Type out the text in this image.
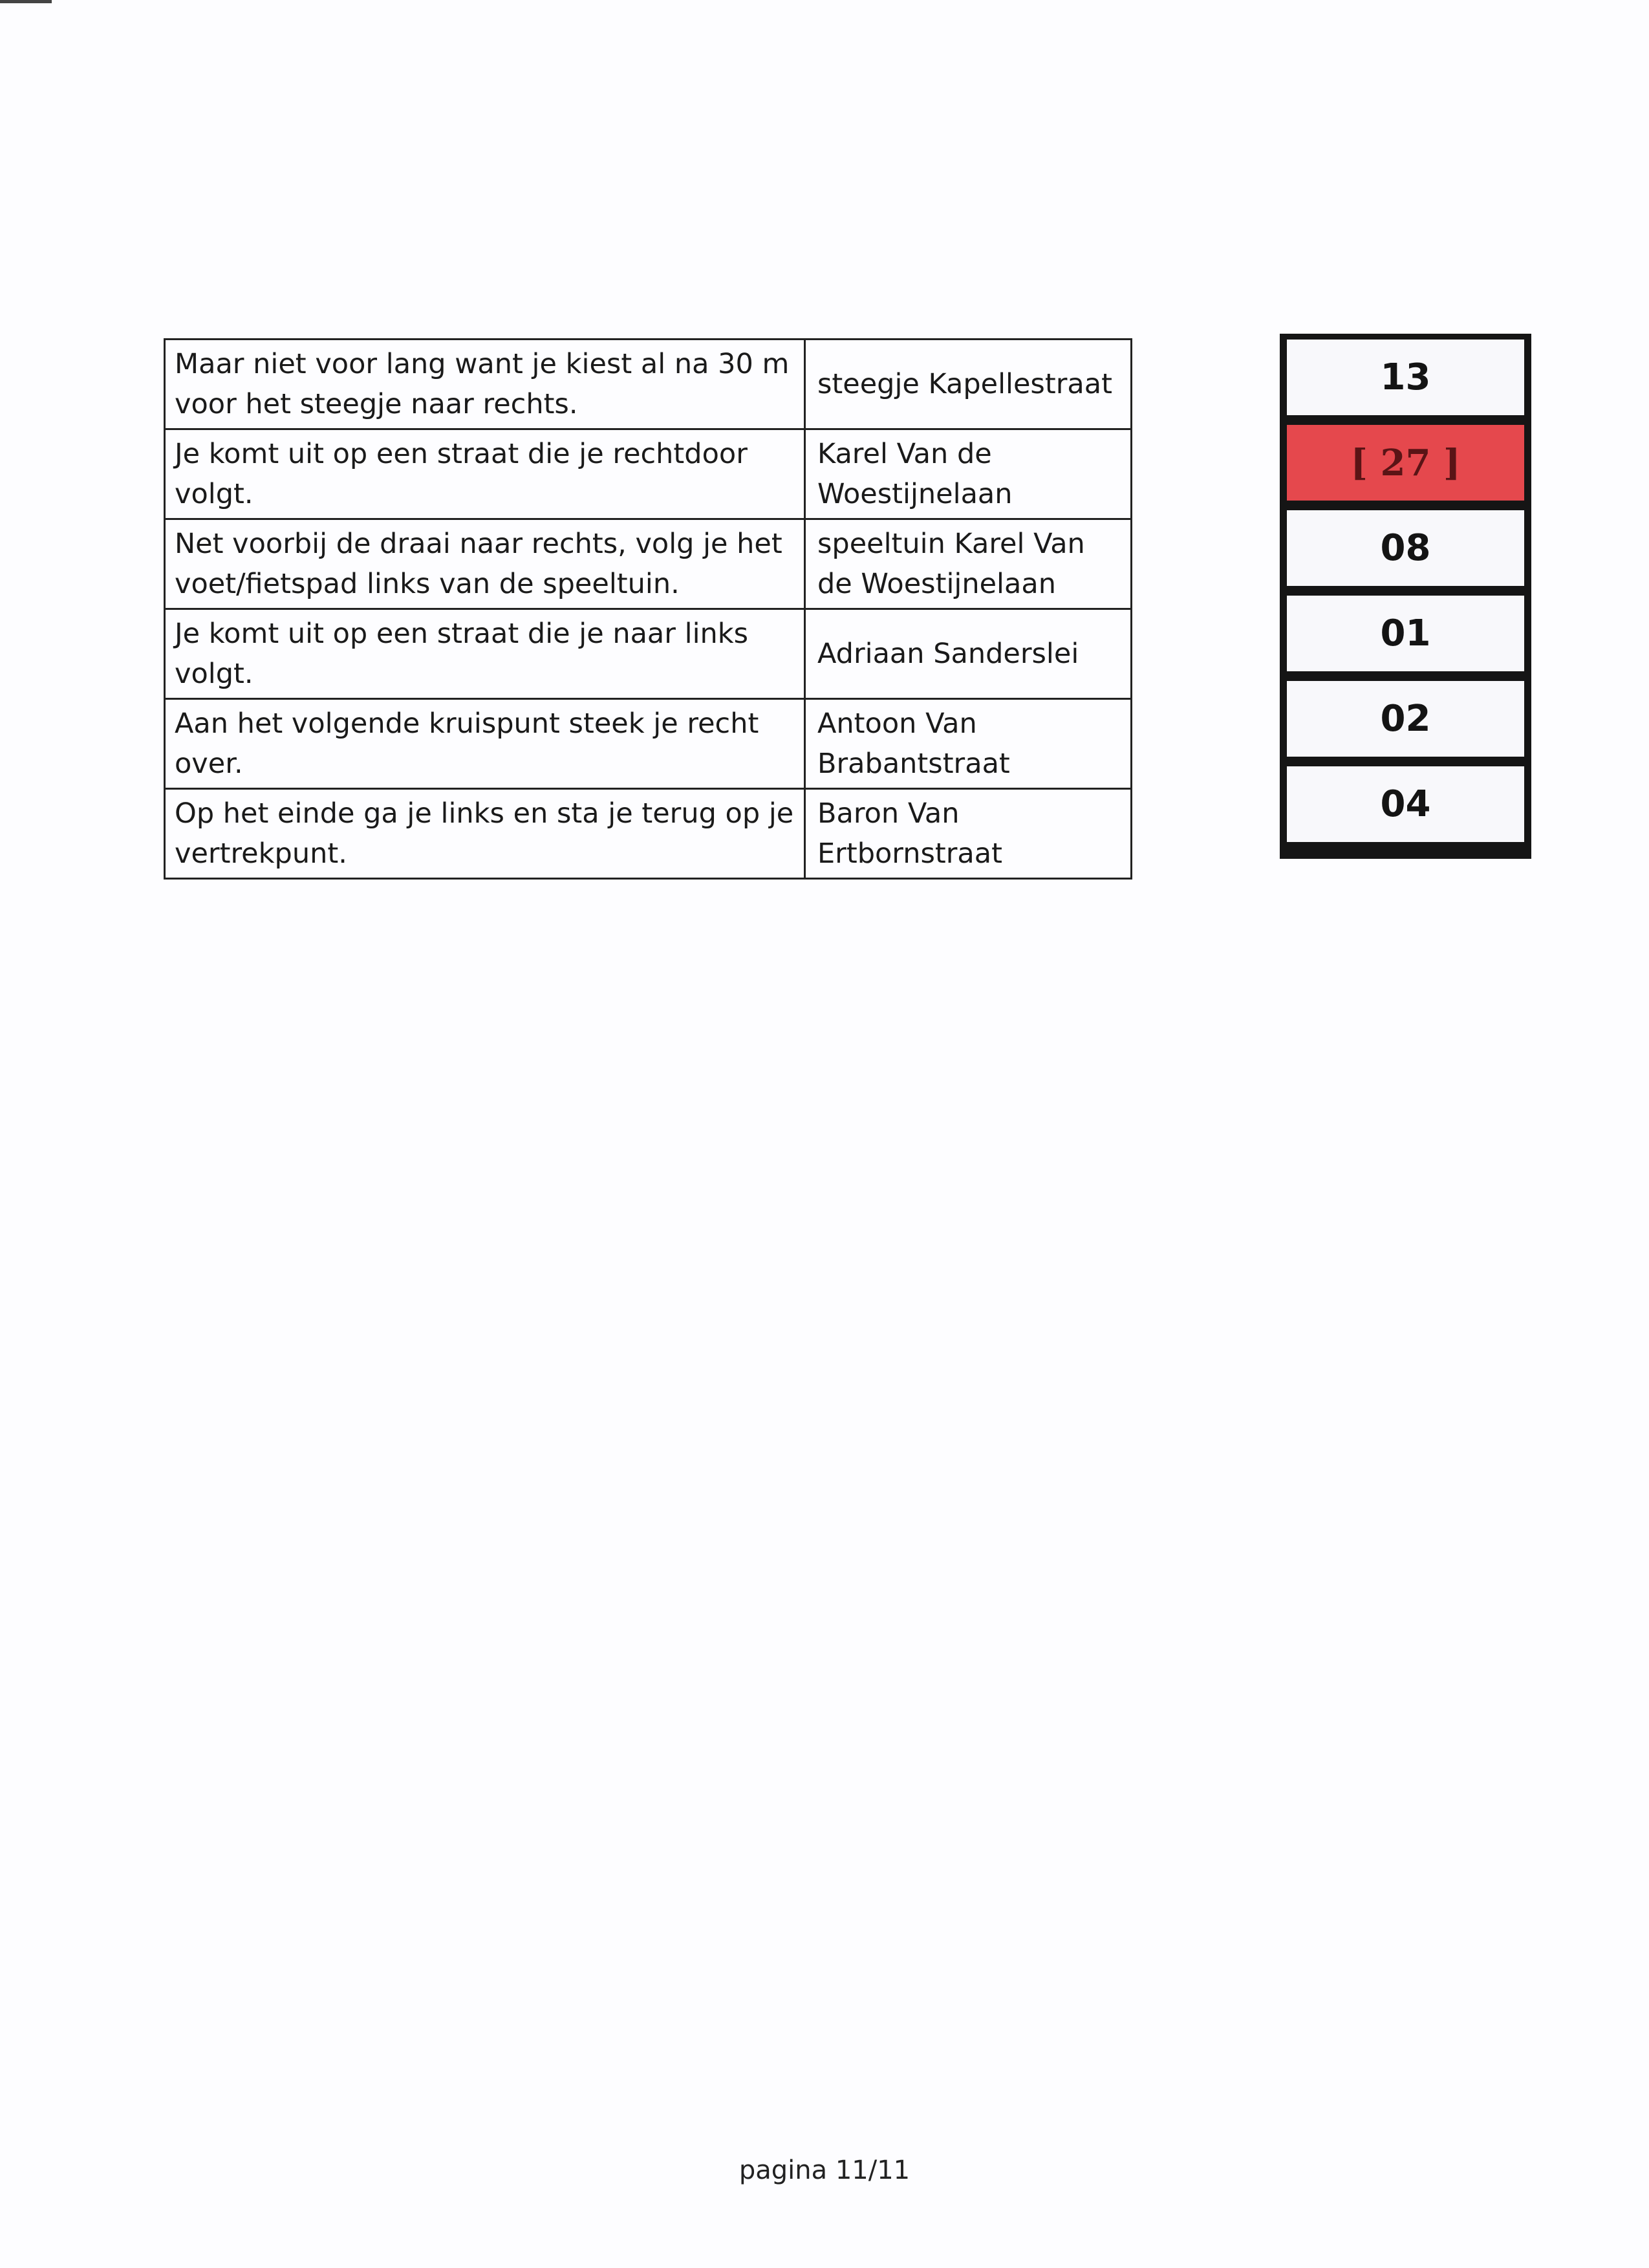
Maar niet voor lang want je kiest al na 30 m voor het steegje naar rechts.	steegje Kapellestraat
Je komt uit op een straat die je rechtdoor volgt.	Karel Van de Woestijnelaan
Net voorbij de draai naar rechts, volg je het voet/fietspad links van de speeltuin.	speeltuin Karel Van de Woestijnelaan
Je komt uit op een straat die je naar links volgt.	Adriaan Sanderslei
Aan het volgende kruispunt steek je recht over.	Antoon Van Brabantstraat
Op het einde ga je links en sta je terug op je vertrekpunt.	Baron Van Ertbornstraat
13
[ 27 ]
08
01
02
04
pagina 11/11
